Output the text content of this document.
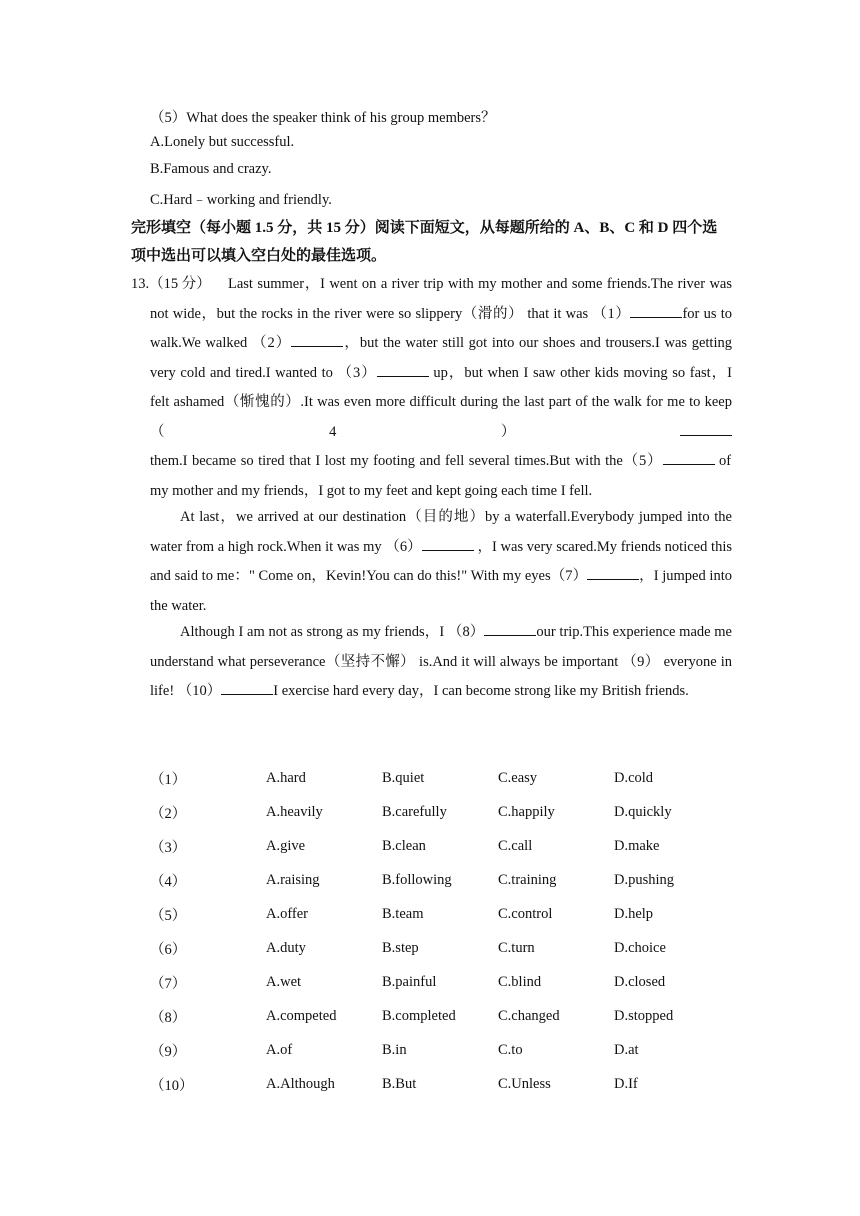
（5）What does the speaker think of his group members？
A.Lonely but successful.
B.Famous and crazy.
C.Hard﹣working and friendly.
完形填空（每小题 1.5 分，共 15 分）阅读下面短文，从每题所给的 A、B、C 和 D 四个选
项中选出可以填入空白处的最佳选项。
13.（15 分）	Last summer，I went on a river trip with my mother and some friends.The river was not wide，but the rocks in the river were so slippery（滑的） that it was （1）	for us to walk.We walked （2）	，but the water still got into our shoes and trousers.I was getting very cold and tired.I wanted to （3）	up，but when I saw other kids moving so fast，I felt ashamed（惭愧的）.It was even more difficult during the last part of the walk for me to keep （4） them.I became so tired that I lost my footing and fell several times.But with the（5）	of my mother and my friends，I got to my feet and kept going each time I fell.
At last，we arrived at our destination（目的地）by a waterfall.Everybody jumped into the water from a high rock.When it was my （6）	，I was very scared.My friends noticed this and said to me：" Come on，Kevin!You can do this!" With my eyes（7）	，I jumped into the water.
Although I am not as strong as my friends，I （8）	our trip.This experience made me understand what perseverance（坚持不懈） is.And it will always be important （9） everyone in life! （10）	I exercise hard every day，I can become strong like my British friends.
（1）	A.hard	B.quiet	C.easy	D.cold
（2）	A.heavily	B.carefully	C.happily	D.quickly
（3）	A.give	B.clean	C.call	D.make
（4）	A.raising	B.following	C.training	D.pushing
（5）	A.offer	B.team	C.control	D.help
（6）	A.duty	B.step	C.turn	D.choice
（7）	A.wet	B.painful	C.blind	D.closed
（8）	A.competed	B.completed	C.changed	D.stopped
（9）	A.of	B.in	C.to	D.at
（10）	A.Although	B.But	C.Unless	D.If
